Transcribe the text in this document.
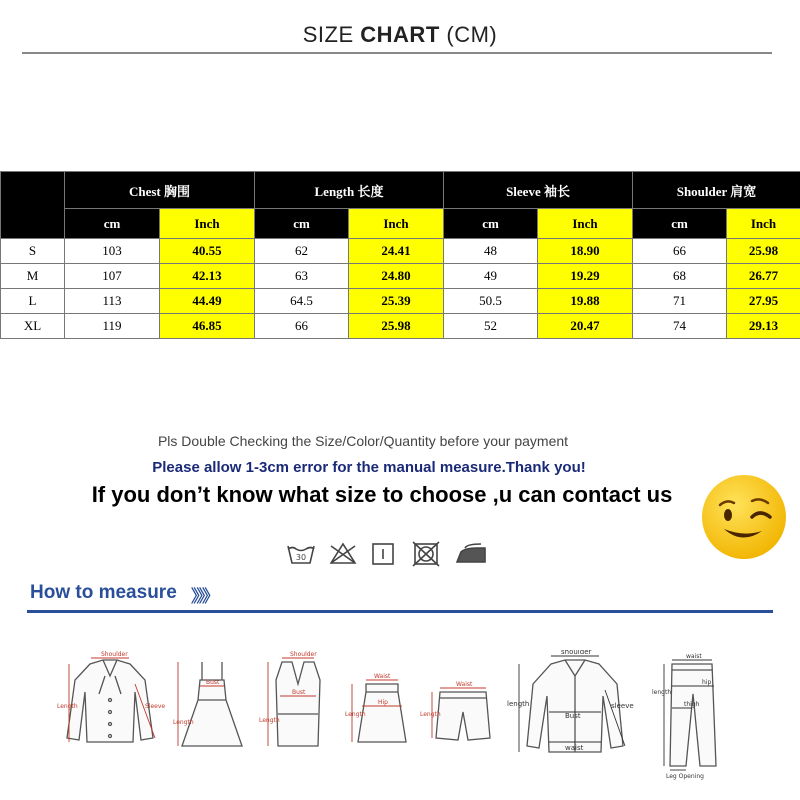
SIZE CHART (CM)
	Chest 胸围		Length 长度		Sleeve 袖长		Shoulder 肩宽	
	cm	Inch	cm	Inch	cm	Inch	cm	Inch
S	103	40.55	62	24.41	48	18.90	66	25.98
M	107	42.13	63	24.80	49	19.29	68	26.77
L	113	44.49	64.5	25.39	50.5	19.88	71	27.95
XL	119	46.85	66	25.98	52	20.47	74	29.13
Pls Double Checking the Size/Color/Quantity before your payment
Please allow 1-3cm error for the manual measure.Thank you!
If you don’t know what size to choose ,u can contact us
30
How to measure 》》》
Shoulder
Length	Sleeve
Bust
Length
Shoulder
Bust
Length
Waist
Hip
Length
Waist
Length
shoulder
length	sleeve
Bust
waist
waist
hip
thigh
length
Leg Opening
